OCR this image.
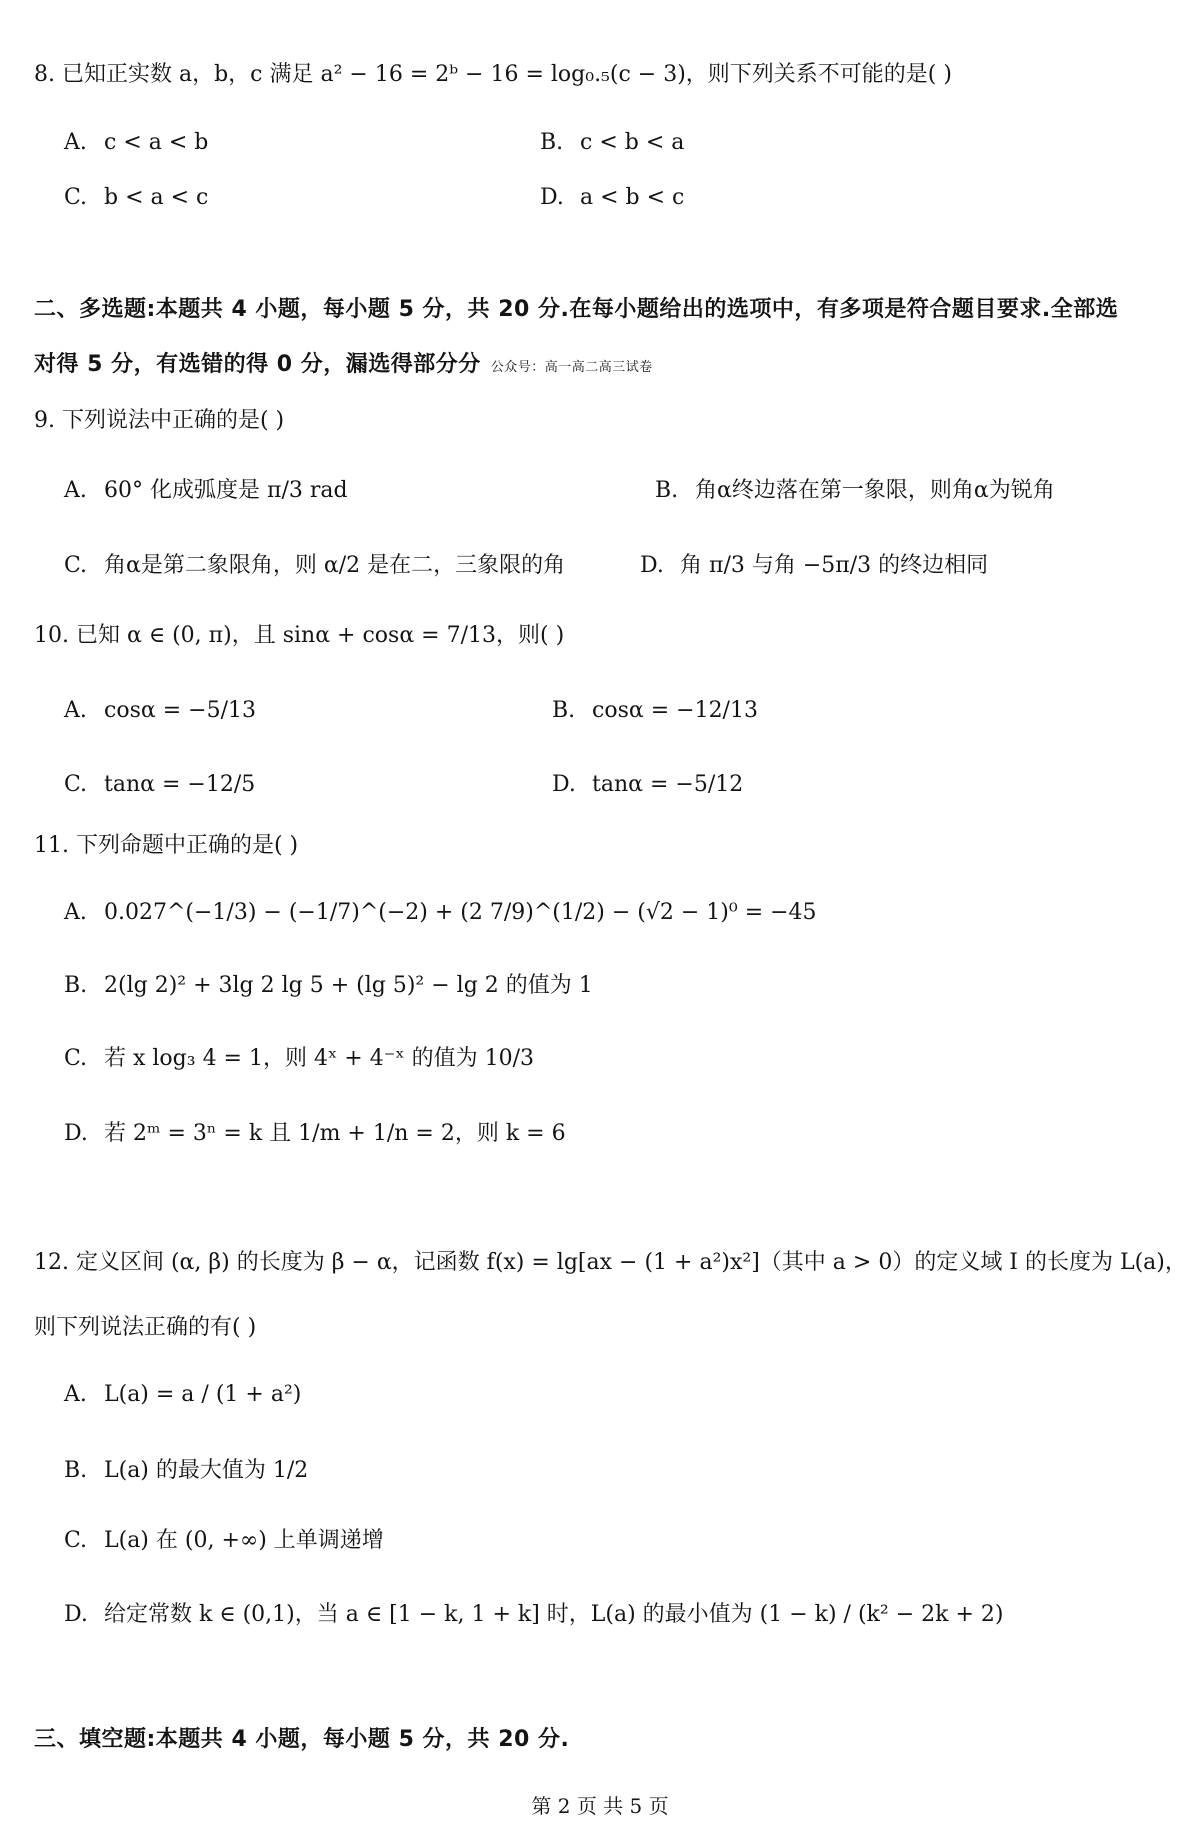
8. 已知正实数 a，b，c 满足 a² − 16 = 2ᵇ − 16 = log₀.₅(c − 3)，则下列关系不可能的是( )
A. c < a < b	B. c < b < a
C. b < a < c	D. a < b < c
二、多选题:本题共 4 小题，每小题 5 分，共 20 分.在每小题给出的选项中，有多项是符合题目要求.全部选
对得 5 分，有选错的得 0 分，漏选得部分分 公众号：高一高二高三试卷
9. 下列说法中正确的是( )
A. 60° 化成弧度是 π/3 rad	B. 角α终边落在第一象限，则角α为锐角
C. 角α是第二象限角，则 α/2 是在二，三象限的角	D. 角 π/3 与角 −5π/3 的终边相同
10. 已知 α ∈ (0, π)，且 sinα + cosα = 7/13，则( )
A. cosα = −5/13	B. cosα = −12/13
C. tanα = −12/5	D. tanα = −5/12
11. 下列命题中正确的是( )
A. 0.027^(−1/3) − (−1/7)^(−2) + (2 7/9)^(1/2) − (√2 − 1)⁰ = −45
B. 2(lg 2)² + 3lg 2 lg 5 + (lg 5)² − lg 2 的值为 1
C. 若 x log₃ 4 = 1，则 4ˣ + 4⁻ˣ 的值为 10/3
D. 若 2ᵐ = 3ⁿ = k 且 1/m + 1/n = 2，则 k = 6
12. 定义区间 (α, β) 的长度为 β − α，记函数 f(x) = lg[ax − (1 + a²)x²]（其中 a > 0）的定义域 I 的长度为 L(a)，
则下列说法正确的有( )
A. L(a) = a / (1 + a²)
B. L(a) 的最大值为 1/2
C. L(a) 在 (0, +∞) 上单调递增
D. 给定常数 k ∈ (0,1)，当 a ∈ [1 − k, 1 + k] 时，L(a) 的最小值为 (1 − k) / (k² − 2k + 2)
三、填空题:本题共 4 小题，每小题 5 分，共 20 分.
第 2 页 共 5 页
